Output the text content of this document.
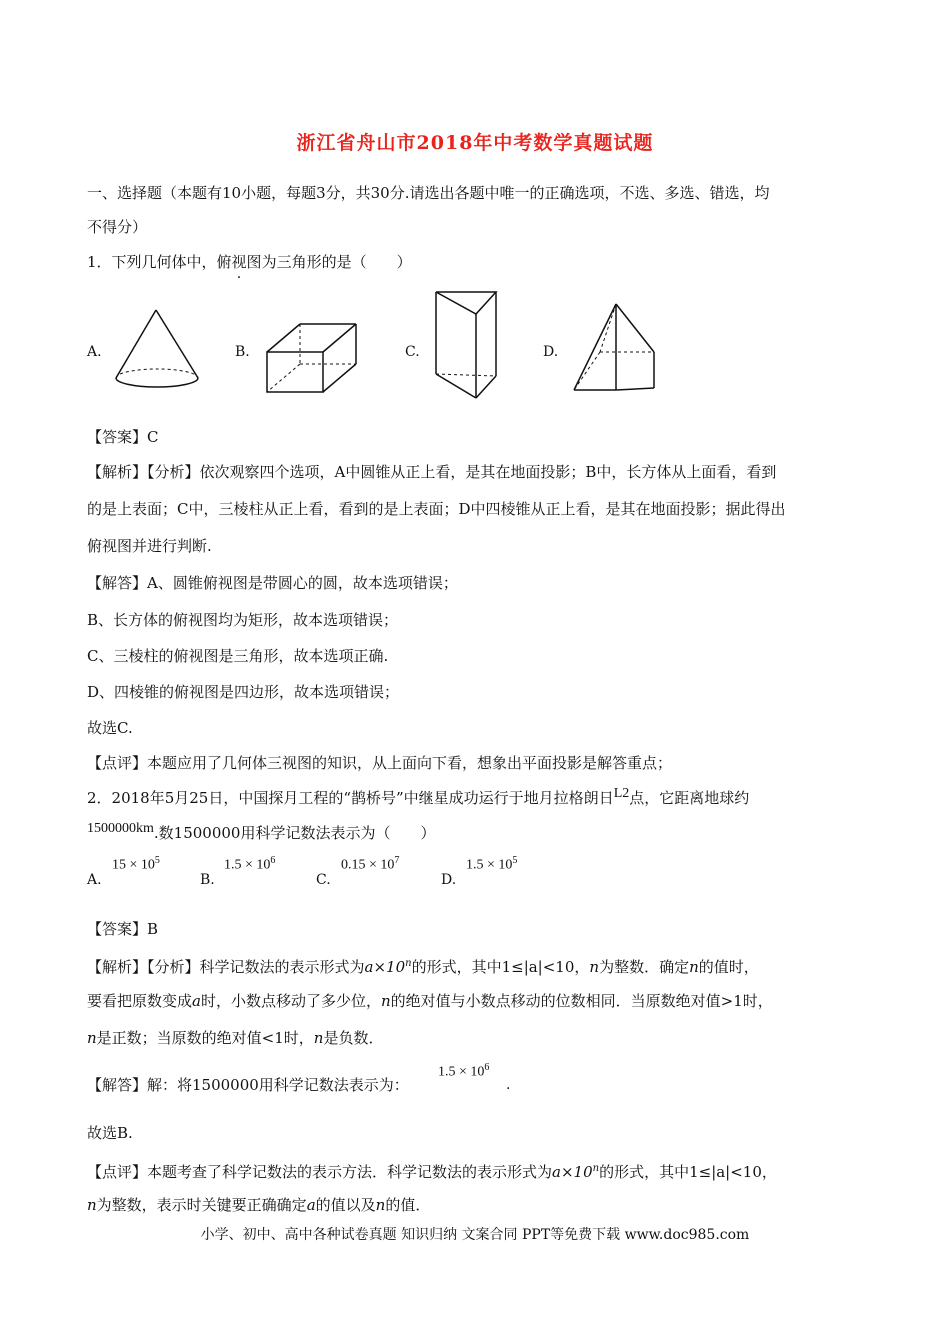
浙江省舟山市2018年中考数学真题试题
一、选择题（本题有10小题，每题3分，共30分.请选出各题中唯一的正确选项，不选、多选、错选，均
不得分）
1．下列几何体中，俯视图为三角形的是（　　）
A.	B.	C.	D.
【答案】C
【解析】【分析】依次观察四个选项，A中圆锥从正上看，是其在地面投影；B中，长方体从上面看，看到
的是上表面；C中，三棱柱从正上看，看到的是上表面；D中四棱锥从正上看，是其在地面投影；据此得出
俯视图并进行判断.
【解答】A、圆锥俯视图是带圆心的圆，故本选项错误；
B、长方体的俯视图均为矩形，故本选项错误；
C、三棱柱的俯视图是三角形，故本选项正确.
D、四棱锥的俯视图是四边形，故本选项错误；
故选C.
【点评】本题应用了几何体三视图的知识，从上面向下看，想象出平面投影是解答重点；
2．2018年5月25日，中国探月工程的“鹊桥号”中继星成功运行于地月拉格朗日L2点，它距离地球约
1500000km.数1500000用科学记数法表示为（　　）
A.
$15 \times 10^5$
B.
$1.5 \times 10^6$
C.
$0.15 \times 10^7$
D.
$1.5 \times 10^5$
【答案】B
【解析】【分析】科学记数法的表示形式为$a\times 10^n$的形式，其中1≤|a|<10，n为整数．确定n的值时，
要看把原数变成a时，小数点移动了多少位，n的绝对值与小数点移动的位数相同．当原数绝对值>1时，
n是正数；当原数的绝对值<1时，n是负数．
【解答】解：将1500000用科学记数法表示为：
$1.5 \times 10^6$
.
故选B.
【点评】本题考查了科学记数法的表示方法．科学记数法的表示形式为$a\times 10^n$的形式，其中1≤|a|<10，
n为整数，表示时关键要正确确定a的值以及n的值．
小学、初中、高中各种试卷真题 知识归纳 文案合同 PPT等免费下载 www.doc985.com
